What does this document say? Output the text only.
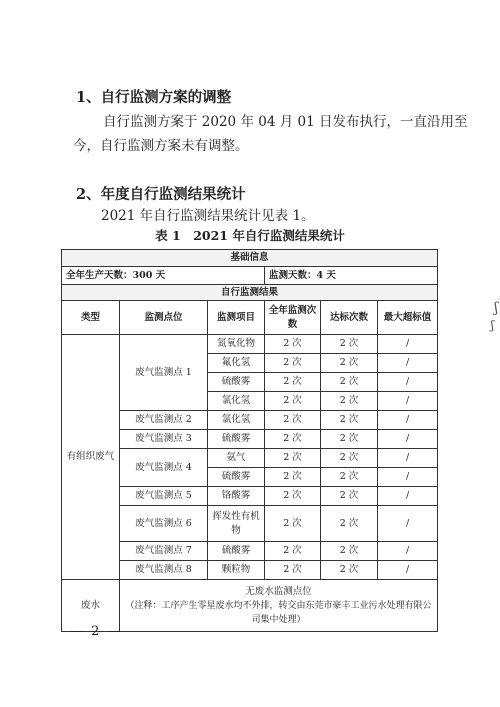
1、自行监测方案的调整
自行监测方案于 2020 年 04 月 01 日发布执行，一直沿用至
今，自行监测方案未有调整。
2、年度自行监测结果统计
2021 年自行监测结果统计见表 1。
表 1　2021 年自行监测结果统计
基础信息					
全年生产天数：300 天			监测天数：4 天		
自行监测结果					
类型	监测点位	监测项目	全年监测次数	达标次数	最大超标值
有组织废气	废气监测点 1	氮氧化物	2 次	2 次	/
		氟化氢	2 次	2 次	/
		硫酸雾	2 次	2 次	/
		氯化氢	2 次	2 次	/
	废气监测点 2	氯化氢	2 次	2 次	/
	废气监测点 3	硫酸雾	2 次	2 次	/
	废气监测点 4	氨气	2 次	2 次	/
		硫酸雾	2 次	2 次	/
	废气监测点 5	铬酸雾	2 次	2 次	/
	废气监测点 6	挥发性有机物	2 次	2 次	/
	废气监测点 7	硫酸雾	2 次	2 次	/
	废气监测点 8	颗粒物	2 次	2 次	/
废水	无废水监测点位
（注释：工序产生零星废水均不外排，转交由东莞市豪丰工业污水处理有限公司集中处理）				
— 2 —
ʃ
ʃ
